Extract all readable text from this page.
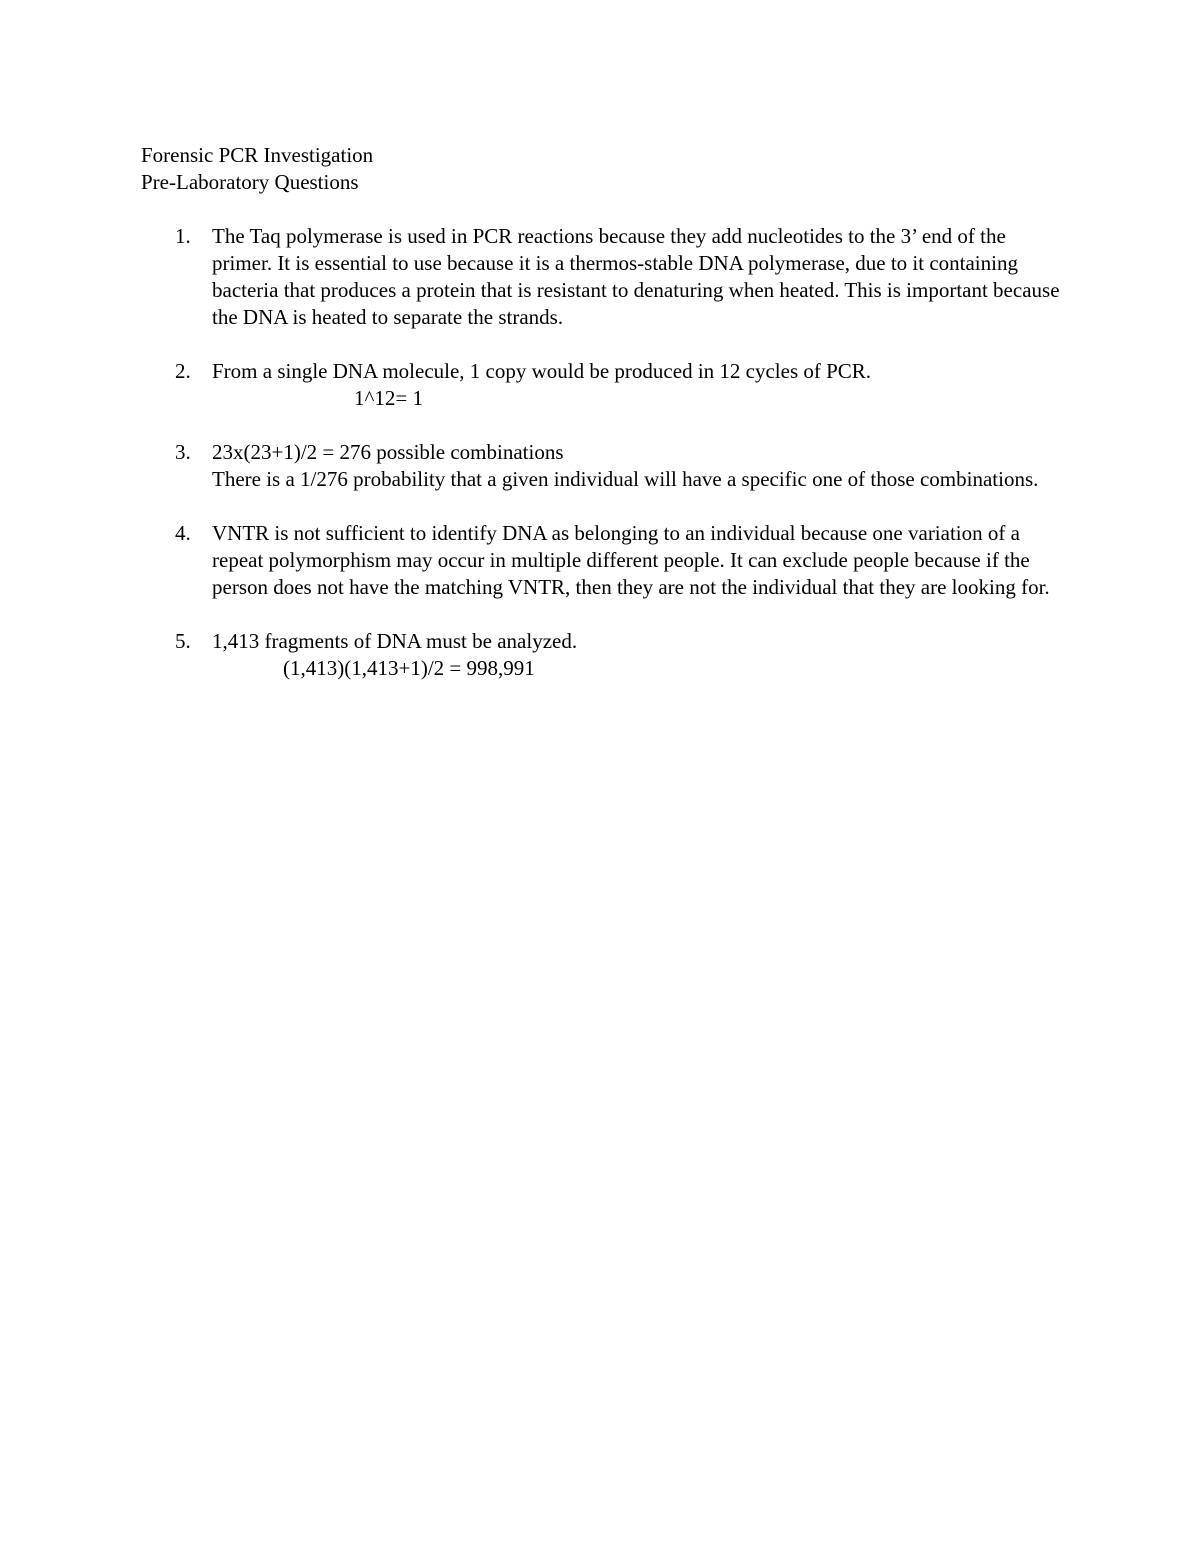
Forensic PCR Investigation
Pre-Laboratory Questions
1. The Taq polymerase is used in PCR reactions because they add nucleotides to the 3’ end of the primer. It is essential to use because it is a thermos-stable DNA polymerase, due to it containing bacteria that produces a protein that is resistant to denaturing when heated. This is important because the DNA is heated to separate the strands.

2. From a single DNA molecule, 1 copy would be produced in 12 cycles of PCR.

1^12= 1

3. 23x(23+1)/2 = 276 possible combinations

There is a 1/276 probability that a given individual will have a specific one of those combinations.

4. VNTR is not sufficient to identify DNA as belonging to an individual because one variation of a repeat polymorphism may occur in multiple different people. It can exclude people because if the person does not have the matching VNTR, then they are not the individual that they are looking for.

5. 1,413 fragments of DNA must be analyzed.

(1,413)(1,413+1)/2 = 998,991
